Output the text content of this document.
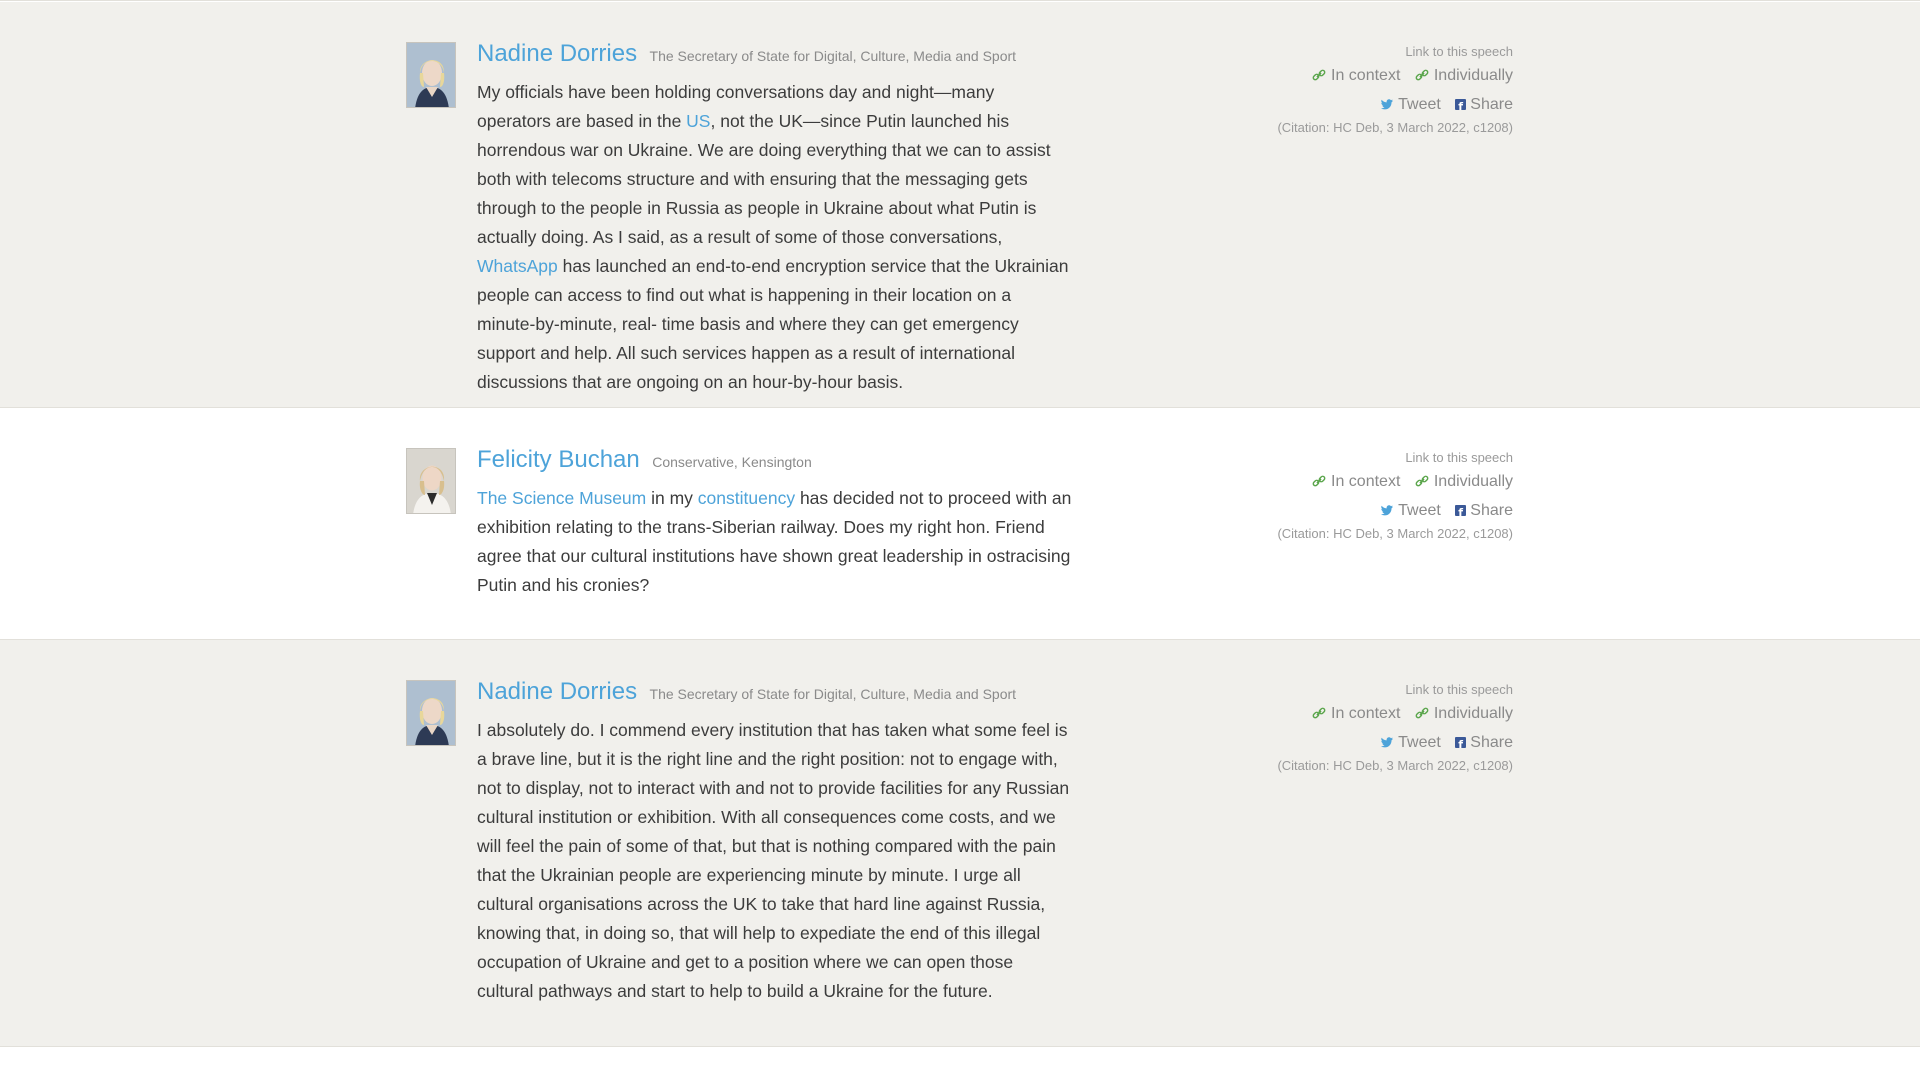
Nadine Dorries The Secretary of State for Digital, Culture, Media and Sport
My officials have been holding conversations day and night—many operators are based in the US, not the UK—since Putin launched his horrendous war on Ukraine. We are doing everything that we can to assist both with telecoms structure and with ensuring that the messaging gets through to the people in Russia as people in Ukraine about what Putin is actually doing. As I said, as a result of some of those conversations, WhatsApp has launched an end-to-end encryption service that the Ukrainian people can access to find out what is happening in their location on a minute-by-minute, real- time basis and where they can get emergency support and help. All such services happen as a result of international discussions that are ongoing on an hour-by-hour basis.
Link to this speech
In context Individually
Tweet f Share
(Citation: HC Deb, 3 March 2022, c1208)
Felicity Buchan Conservative, Kensington
The Science Museum in my constituency has decided not to proceed with an exhibition relating to the trans-Siberian railway. Does my right hon. Friend agree that our cultural institutions have shown great leadership in ostracising Putin and his cronies?
Link to this speech
In context Individually
Tweet f Share
(Citation: HC Deb, 3 March 2022, c1208)
Nadine Dorries The Secretary of State for Digital, Culture, Media and Sport
I absolutely do. I commend every institution that has taken what some feel is a brave line, but it is the right line and the right position: not to engage with, not to display, not to interact with and not to provide facilities for any Russian cultural institution or exhibition. With all consequences come costs, and we will feel the pain of some of that, but that is nothing compared with the pain that the Ukrainian people are experiencing minute by minute. I urge all cultural organisations across the UK to take that hard line against Russia, knowing that, in doing so, that will help to expediate the end of this illegal occupation of Ukraine and get to a position where we can open those cultural pathways and start to help to build a Ukraine for the future.
Link to this speech
In context Individually
Tweet f Share
(Citation: HC Deb, 3 March 2022, c1208)
